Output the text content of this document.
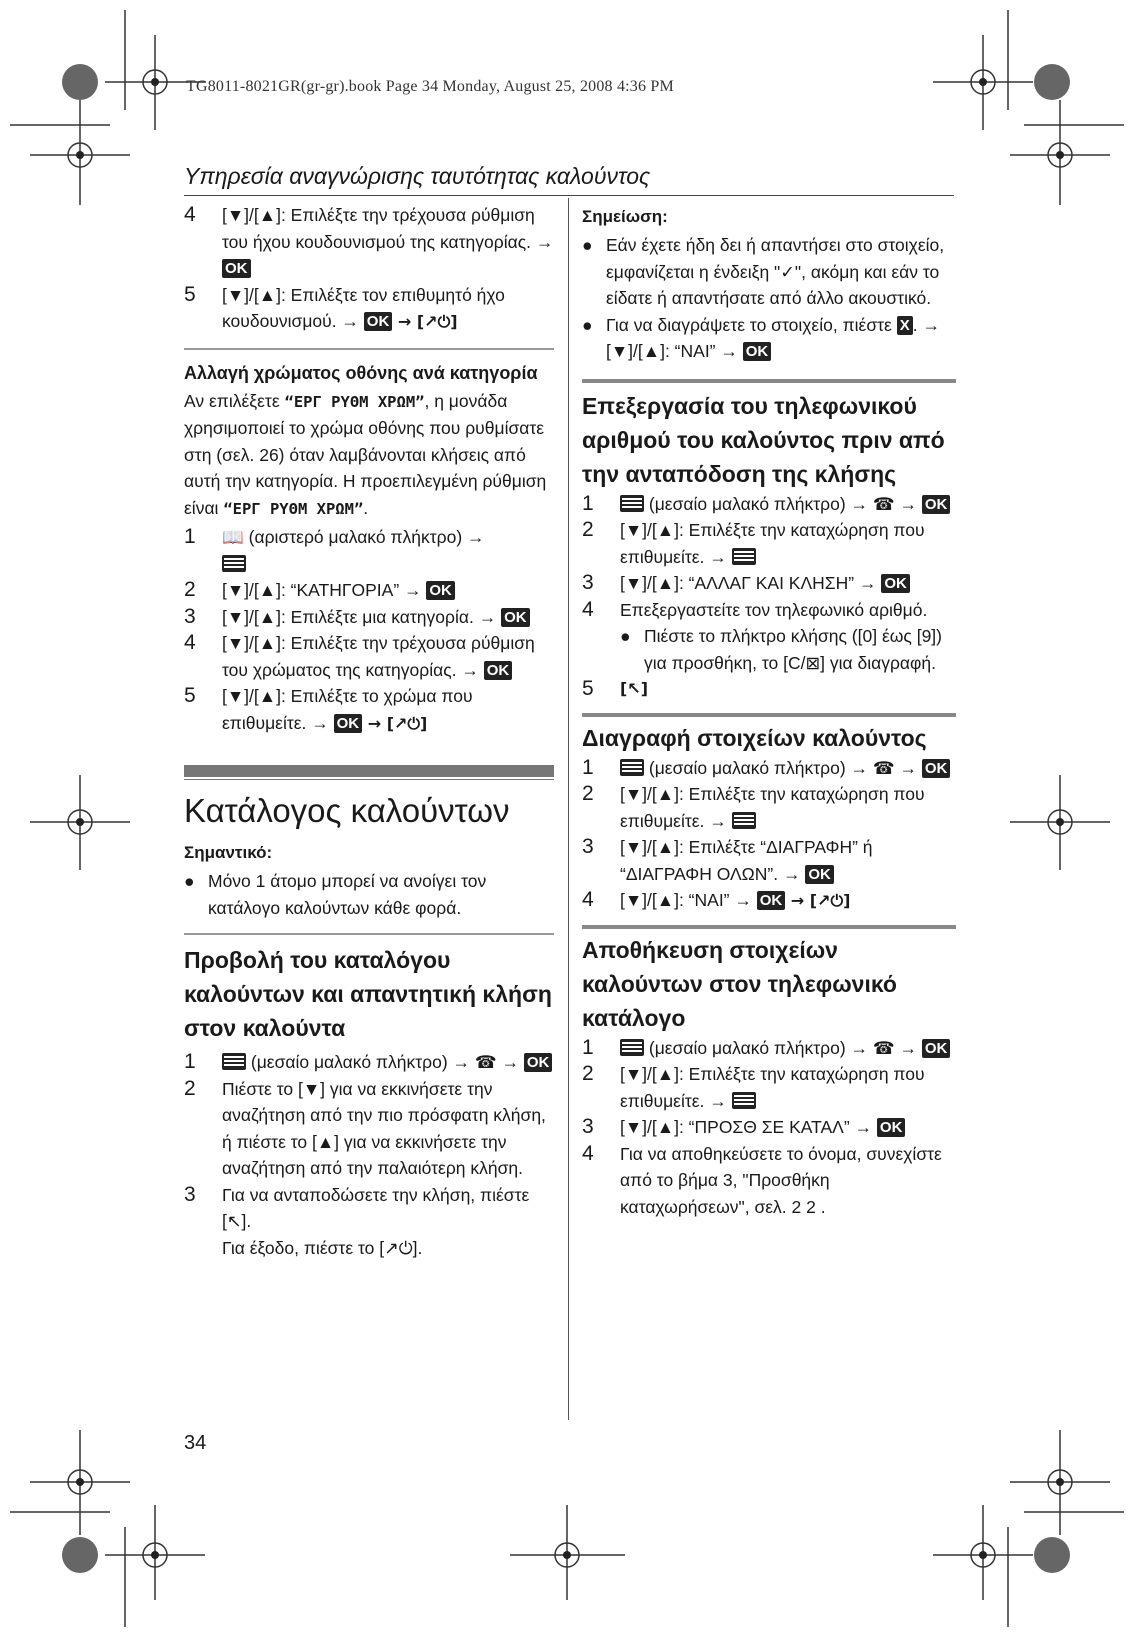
TG8011-8021GR(gr-gr).book Page 34 Monday, August 25, 2008 4:36 PM
Υπηρεσία αναγνώρισης ταυτότητας καλούντος
4	[▼]/[▲]: Επιλέξτε την τρέχουσα ρύθμιση του ήχου κουδουνισμού της κατηγορίας. → OK
5	[▼]/[▲]: Επιλέξτε τον επιθυμητό ήχο κουδουνισμού. → OK → [↗⏻]
Αλλαγή χρώματος οθόνης ανά κατηγορία
Αν επιλέξετε “ΕΡΓ ΡΥΘΜ ΧΡΩΜ”, η μονάδα χρησιμοποιεί το χρώμα οθόνης που ρυθμίσατε στη (σελ. 26) όταν λαμβάνονται κλήσεις από αυτή την κατηγορία. Η προεπιλεγμένη ρύθμιση είναι “ΕΡΓ ΡΥΘΜ ΧΡΩΜ”.
1	📖 (αριστερό μαλακό πλήκτρο) →

2	[▼]/[▲]: “ΚΑΤΗΓΟΡΙΑ” → OK
3	[▼]/[▲]: Επιλέξτε μια κατηγορία. → OK
4	[▼]/[▲]: Επιλέξτε την τρέχουσα ρύθμιση του χρώματος της κατηγορίας. → OK
5	[▼]/[▲]: Επιλέξτε το χρώμα που επιθυμείτε. → OK → [↗⏻]
Κατάλογος καλούντων
Σημαντικό:
● Μόνο 1 άτομο μπορεί να ανοίγει τον κατάλογο καλούντων κάθε φορά.
Προβολή του καταλόγου καλούντων και απαντητική κλήση στον καλούντα
1	(μεσαίο μαλακό πλήκτρο) → ☎ → OK
2	Πιέστε το [▼] για να εκκινήσετε την αναζήτηση από την πιο πρόσφατη κλήση, ή πιέστε το [▲] για να εκκινήσετε την αναζήτηση από την παλαιότερη κλήση.
3	Για να ανταποδώσετε την κλήση, πιέστε [↖].
Για έξοδο, πιέστε το [↗⏻].
Σημείωση:
● Εάν έχετε ήδη δει ή απαντήσει στο στοιχείο, εμφανίζεται η ένδειξη "✓", ακόμη και εάν το είδατε ή απαντήσατε από άλλο ακουστικό.
● Για να διαγράψετε το στοιχείο, πιέστε X . → [▼]/[▲]: “ΝΑΙ” → OK
Επεξεργασία του τηλεφωνικού αριθμού του καλούντος πριν από την ανταπόδοση της κλήσης
1	(μεσαίο μαλακό πλήκτρο) → ☎ → OK
2	[▼]/[▲]: Επιλέξτε την καταχώρηση που επιθυμείτε. →
3	[▼]/[▲]: “ΑΛΛΑΓ ΚΑΙ ΚΛΗΣΗ” → OK
4	Επεξεργαστείτε τον τηλεφωνικό αριθμό.
● Πιέστε το πλήκτρο κλήσης ([0] έως [9]) για προσθήκη, το [C/⊠] για διαγραφή.
5	[↖]
Διαγραφή στοιχείων καλούντος
1	(μεσαίο μαλακό πλήκτρο) → ☎ → OK
2	[▼]/[▲]: Επιλέξτε την καταχώρηση που επιθυμείτε. →
3	[▼]/[▲]: Επιλέξτε “ΔΙΑΓΡΑΦΗ” ή “ΔΙΑΓΡΑΦΗ ΟΛΩΝ”. → OK
4	[▼]/[▲]: “ΝΑΙ” → OK → [↗⏻]
Αποθήκευση στοιχείων καλούντων στον τηλεφωνικό κατάλογο
1	(μεσαίο μαλακό πλήκτρο) → ☎ → OK
2	[▼]/[▲]: Επιλέξτε την καταχώρηση που επιθυμείτε. →
3	[▼]/[▲]: “ΠΡΟΣΘ ΣΕ ΚΑΤΑΛ” → OK
4	Για να αποθηκεύσετε το όνομα, συνεχίστε από το βήμα 3, "Προσθήκη καταχωρήσεων", σελ. 2 2 .
34
